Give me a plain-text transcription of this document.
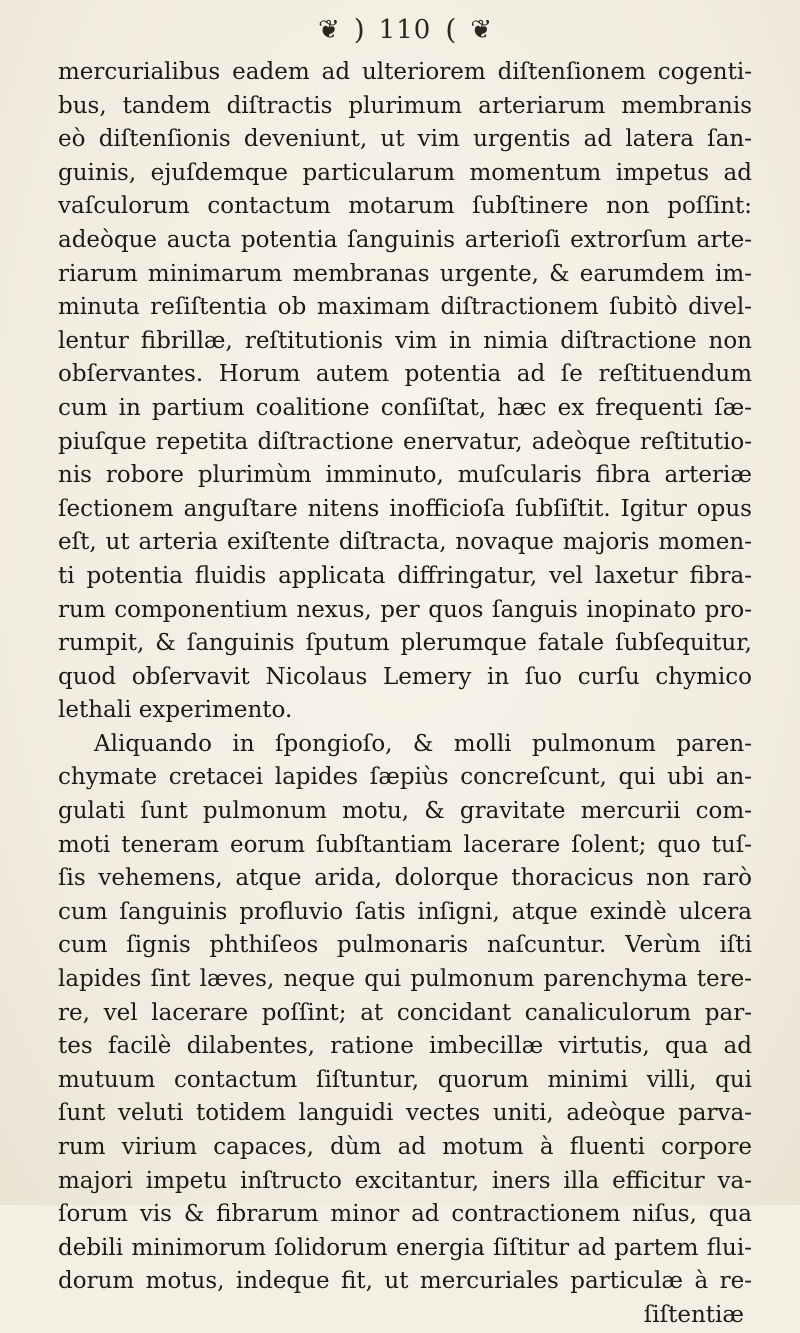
❦ ) 110 ( ❦
mercurialibus eadem ad ulteriorem diſtenſionem cogenti-
bus, tandem diſtractis plurimum arteriarum membranis
eò diſtenſionis deveniunt, ut vim urgentis ad latera ſan-
guinis, ejuſdemque particularum momentum impetus ad
vaſculorum contactum motarum ſubſtinere non poſſint:
adeòque aucta potentia ſanguinis arterioſi extrorſum arte-
riarum minimarum membranas urgente, & earumdem im-
minuta reſiſtentia ob maximam diſtractionem ſubitò divel-
lentur fibrillæ, reſtitutionis vim in nimia diſtractione non
obſervantes. Horum autem potentia ad ſe reſtituendum
cum in partium coalitione conſiſtat, hæc ex frequenti ſæ-
piuſque repetita diſtractione enervatur, adeòque reſtitutio-
nis robore plurimùm imminuto, muſcularis fibra arteriæ
ſectionem anguſtare nitens inofficioſa ſubſiſtit. Igitur opus
eſt, ut arteria exiſtente diſtracta, novaque majoris momen-
ti potentia fluidis applicata diffringatur, vel laxetur fibra-
rum componentium nexus, per quos ſanguis inopinato pro-
rumpit, & ſanguinis ſputum plerumque fatale ſubſequitur,
quod obſervavit Nicolaus Lemery in ſuo curſu chymico
lethali experimento.
Aliquando in ſpongioſo, & molli pulmonum paren-
chymate cretacei lapides ſæpiùs concreſcunt, qui ubi an-
gulati ſunt pulmonum motu, & gravitate mercurii com-
moti teneram eorum ſubſtantiam lacerare ſolent; quo tuſ-
ſis vehemens, atque arida, dolorque thoracicus non rarò
cum ſanguinis profluvio ſatis inſigni, atque exindè ulcera
cum ſignis phthiſeos pulmonaris naſcuntur. Verùm iſti
lapides ſint læves, neque qui pulmonum parenchyma tere-
re, vel lacerare poſſint; at concidant canaliculorum par-
tes facilè dilabentes, ratione imbecillæ virtutis, qua ad
mutuum contactum ſiſtuntur, quorum minimi villi, qui
ſunt veluti totidem languidi vectes uniti, adeòque parva-
rum virium capaces, dùm ad motum à fluenti corpore
majori impetu inſtructo excitantur, iners illa efficitur va-
ſorum vis & fibrarum minor ad contractionem niſus, qua
debili minimorum ſolidorum energia ſiſtitur ad partem flui-
dorum motus, indeque fit, ut mercuriales particulæ à re-
ſiſtentiæ
